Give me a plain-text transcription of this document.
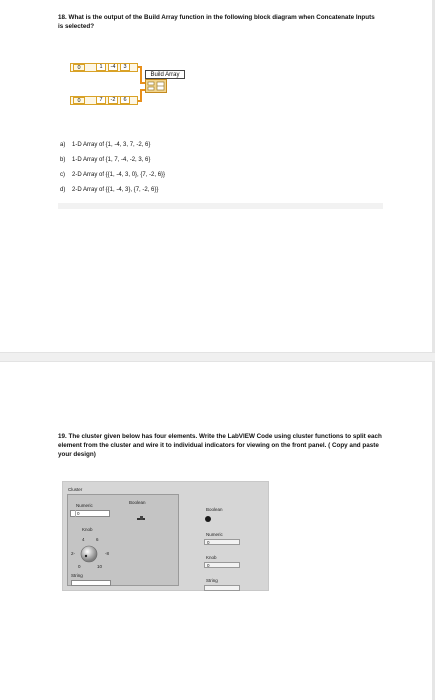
18. What is the output of the Build Array function in the following block diagram when Concatenate Inputs is selected?
0	1	-4	3
0	7	-2	6
Build Array
a) 1-D Array of {1, -4, 3, 7, -2, 6}
b) 1-D Array of {1, 7, -4, -2, 3, 6}
c) 2-D Array of {{1, -4, 3, 0}, {7, -2, 6}}
d) 2-D Array of {{1, -4, 3}, {7, -2, 6}}
19. The cluster given below has four elements. Write the LabVIEW Code using cluster functions to split each element from the cluster and wire it to individual indicators for viewing on the front panel. ( Copy and paste your design)
Cluster
Numeric
0
Boolean
Knob
4	6
2-	-8
0	10
String
Boolean
Numeric
0
Knob
0
String
